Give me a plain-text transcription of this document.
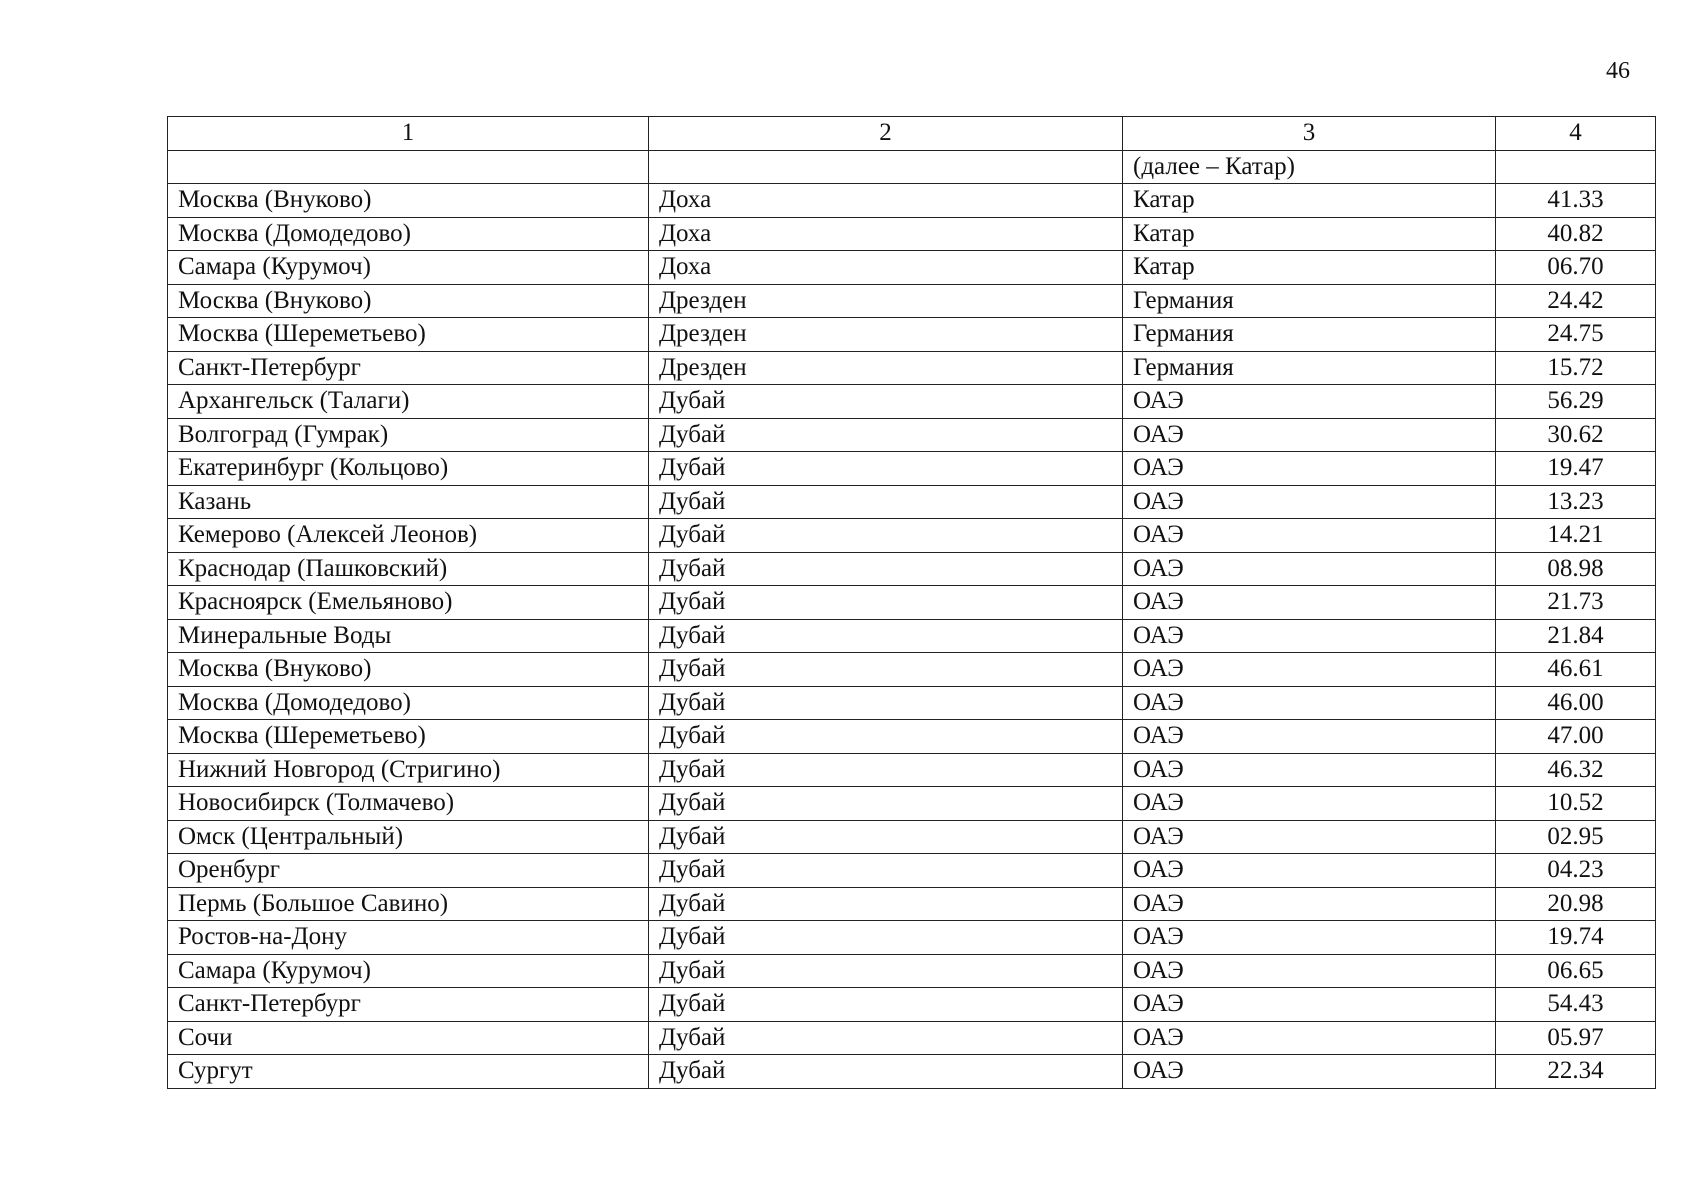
46
1	2	3	4
		(далее – Катар)	
Москва (Внуково)	Доха	Катар	41.33
Москва (Домодедово)	Доха	Катар	40.82
Самара (Курумоч)	Доха	Катар	06.70
Москва (Внуково)	Дрезден	Германия	24.42
Москва (Шереметьево)	Дрезден	Германия	24.75
Санкт-Петербург	Дрезден	Германия	15.72
Архангельск (Талаги)	Дубай	ОАЭ	56.29
Волгоград (Гумрак)	Дубай	ОАЭ	30.62
Екатеринбург (Кольцово)	Дубай	ОАЭ	19.47
Казань	Дубай	ОАЭ	13.23
Кемерово (Алексей Леонов)	Дубай	ОАЭ	14.21
Краснодар (Пашковский)	Дубай	ОАЭ	08.98
Красноярск (Емельяново)	Дубай	ОАЭ	21.73
Минеральные Воды	Дубай	ОАЭ	21.84
Москва (Внуково)	Дубай	ОАЭ	46.61
Москва (Домодедово)	Дубай	ОАЭ	46.00
Москва (Шереметьево)	Дубай	ОАЭ	47.00
Нижний Новгород (Стригино)	Дубай	ОАЭ	46.32
Новосибирск (Толмачево)	Дубай	ОАЭ	10.52
Омск (Центральный)	Дубай	ОАЭ	02.95
Оренбург	Дубай	ОАЭ	04.23
Пермь (Большое Савино)	Дубай	ОАЭ	20.98
Ростов-на-Дону	Дубай	ОАЭ	19.74
Самара (Курумоч)	Дубай	ОАЭ	06.65
Санкт-Петербург	Дубай	ОАЭ	54.43
Сочи	Дубай	ОАЭ	05.97
Сургут	Дубай	ОАЭ	22.34
